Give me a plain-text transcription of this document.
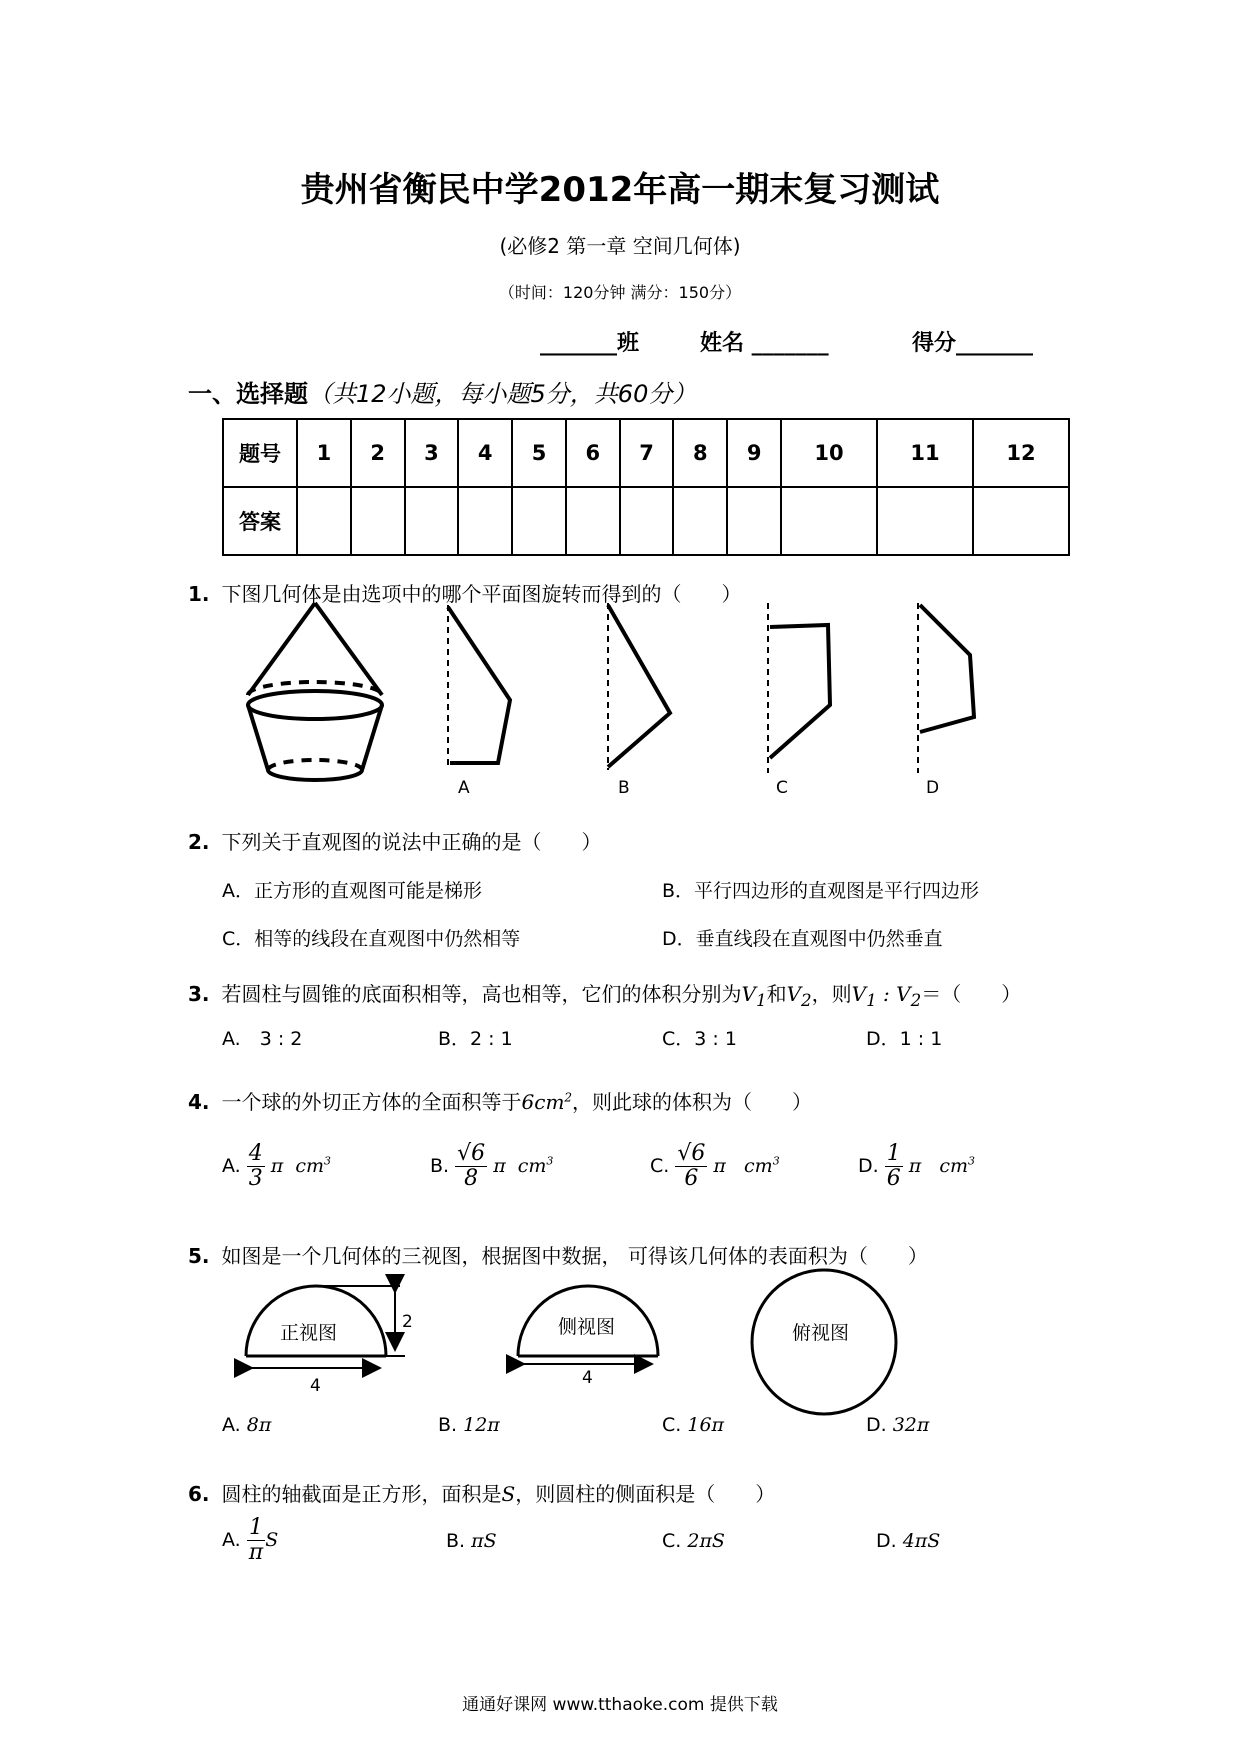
贵州省衡民中学2012年高一期末复习测试
(必修2 第一章 空间几何体)
（时间：120分钟 满分：150分）
_______班	姓名 _______	得分_______
一、选择题（共12小题，每小题5分，共60分）
题号	1	2	3	4	5	6	7	8	9	10	11	12
答案												
1. 下图几何体是由选项中的哪个平面图旋转而得到的（　　）
A	B	C	D
2. 下列关于直观图的说法中正确的是（　　）
A．正方形的直观图可能是梯形	B．平行四边形的直观图是平行四边形
C．相等的线段在直观图中仍然相等	D．垂直线段在直观图中仍然垂直
3. 若圆柱与圆锥的底面积相等，高也相等，它们的体积分别为$V_1$和$V_2$，则$V_1$ : $V_2=$（　　）
A.　3 : 2	B．2 : 1	C．3 : 1	D．1 : 1
4. 一个球的外切正方体的全面积等于$6cm^2$，则此球的体积为（　　）
A. $\frac{4}{3}$ π  $cm^3$	B. $\frac{√6}{8}$ π  $cm^3$	C. $\frac{√6}{6}$ π   $cm^3$	D. $\frac{1}{6}$ π   $cm^3$
5. 如图是一个几何体的三视图，根据图中数据， 可得该几何体的表面积为（　　）
正视图	侧视图	俯视图
2
4	4
A. 8π	B. 12π	C. 16π	D. 32π
6. 圆柱的轴截面是正方形，面积是S，则圆柱的侧面积是（　　）
A. $\frac{1}{\pi}$ S	B. πS	C. 2πS	D. 4πS
通通好课网 www.tthaoke.com 提供下载
